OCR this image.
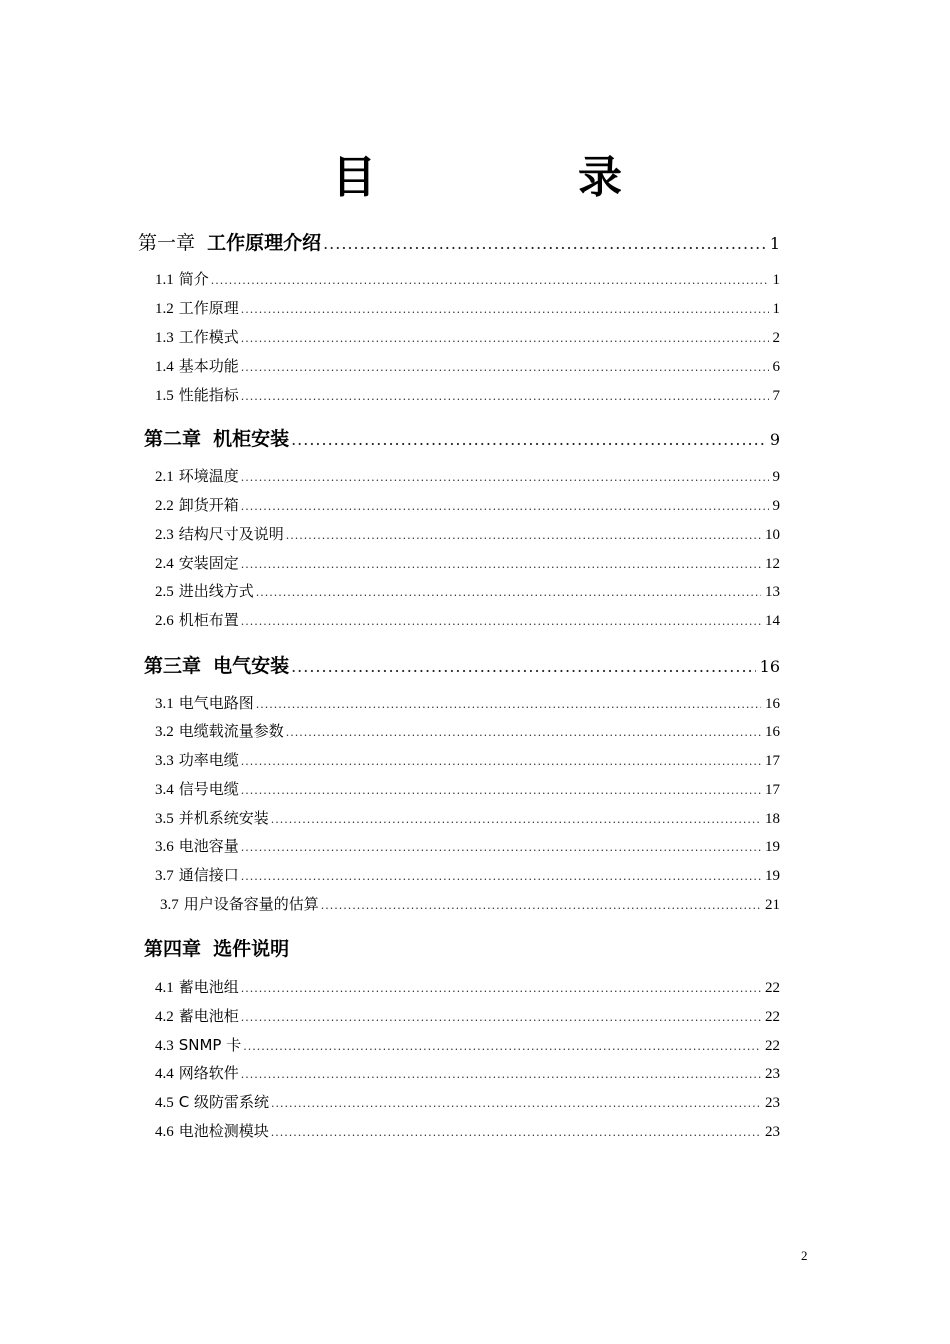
目	录
第一章 工作原理介绍 .....	1
1.1 简介 .....	1
1.2 工作原理 .....	1
1.3 工作模式 .....	2
1.4 基本功能 .....	6
1.5 性能指标 .....	7
第二章 机柜安装 .....	9
2.1 环境温度 .....	9
2.2 卸货开箱 .....	9
2.3 结构尺寸及说明 .....	10
2.4 安装固定 .....	12
2.5 进出线方式 .....	13
2.6 机柜布置 .....	14
第三章 电气安装 .....	16
3.1 电气电路图 .....	16
3.2 电缆载流量参数 .....	16
3.3 功率电缆 .....	17
3.4 信号电缆 .....	17
3.5 并机系统安装 .....	18
3.6 电池容量 .....	19
3.7 通信接口 .....	19
3.7 用户设备容量的估算 .....	21
第四章 选件说明
4.1 蓄电池组 .....	22
4.2 蓄电池柜 .....	22
4.3 SNMP 卡 .....	22
4.4 网络软件 .....	23
4.5 C 级防雷系统 .....	23
4.6 电池检测模块 .....	23
2
